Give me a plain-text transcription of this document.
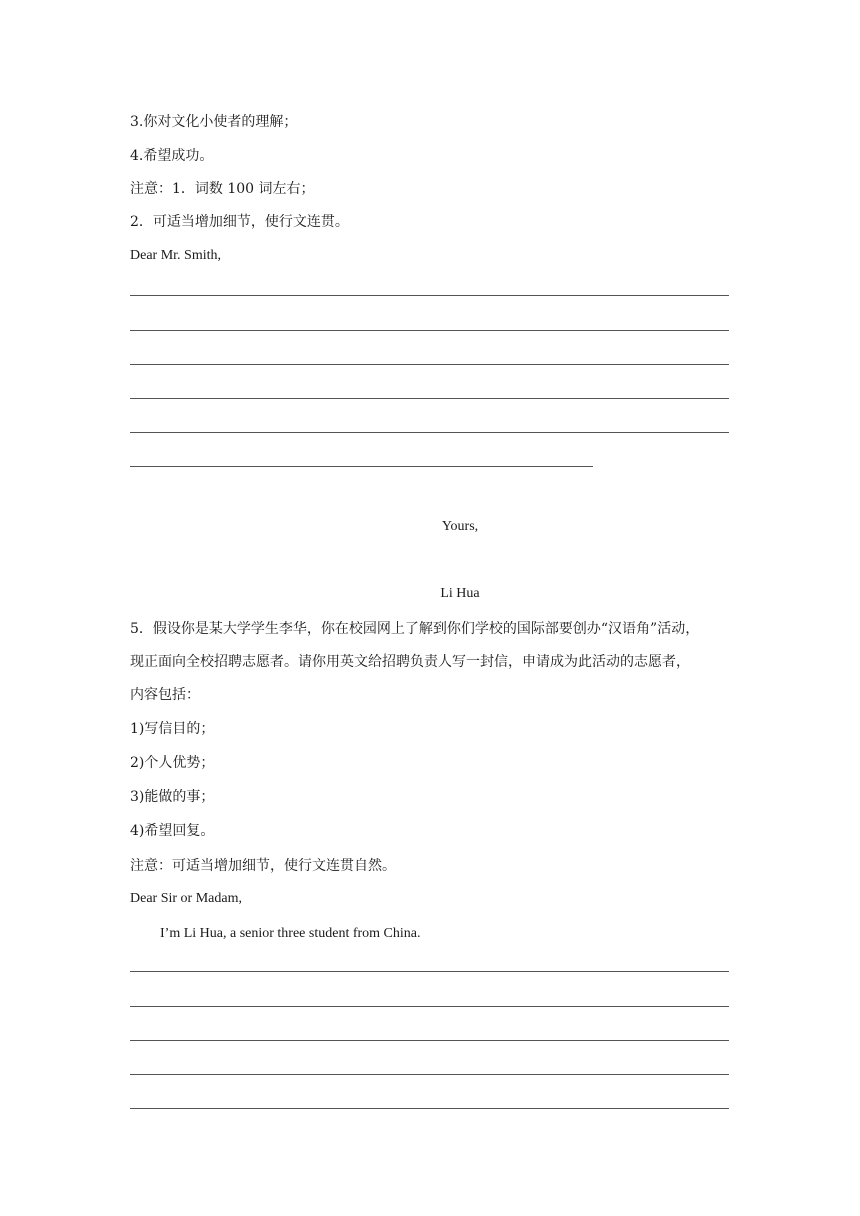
3.你对文化小使者的理解；
4.希望成功。
注意：1．词数 100 词左右；
2．可适当增加细节，使行文连贯。
Dear Mr. Smith,
Yours,
Li Hua
5．假设你是某大学学生李华，你在校园网上了解到你们学校的国际部要创办“汉语角”活动，
现正面向全校招聘志愿者。请你用英文给招聘负责人写一封信，申请成为此活动的志愿者，
内容包括：
1)写信目的；
2)个人优势；
3)能做的事；
4)希望回复。
注意：可适当增加细节，使行文连贯自然。
Dear Sir or Madam,
I’m Li Hua, a senior three student from China.
